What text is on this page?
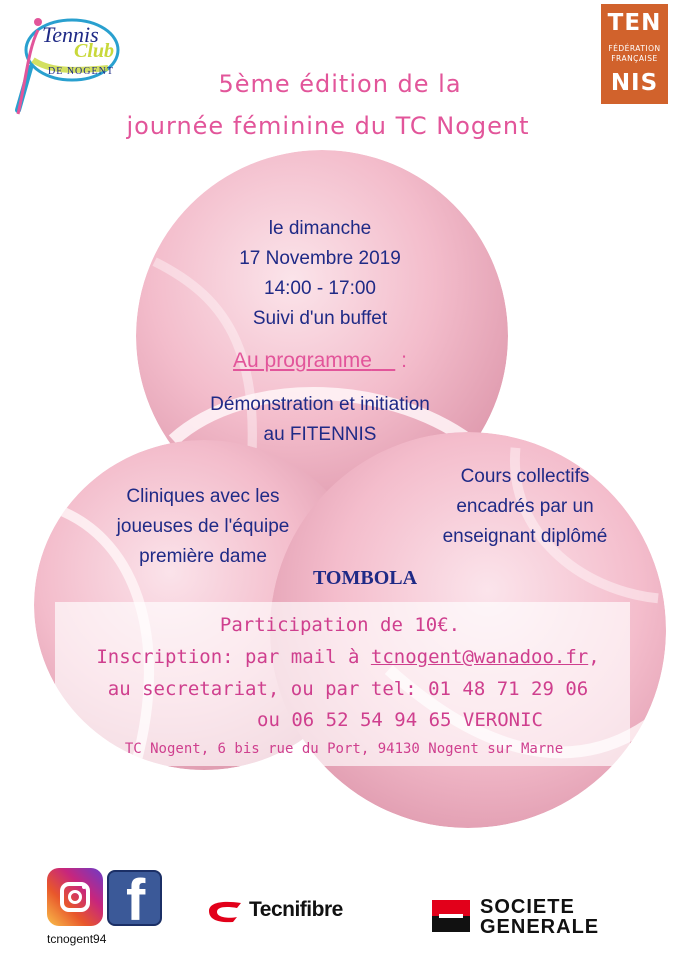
Tennis
Club
DE NOGENT
TEN
FÉDÉRATION
FRANÇAISE
NIS
5ème édition de la
journée féminine du TC Nogent
le dimanche
17 Novembre 2019
14:00 - 17:00
Suivi d'un buffet
Au programme :
Démonstration et initiation
au FITENNIS
Cliniques avec les
joueuses de l'équipe
première dame
Cours collectifs
encadrés par un
enseignant diplômé
TOMBOLA
Participation de 10€.
Inscription: par mail à tcnogent@wanadoo.fr,
au secretariat, ou par tel: 01 48 71 29 06
ou 06 52 54 94 65 VERONIC
TC Nogent, 6 bis rue du Port, 94130 Nogent sur Marne
f
tcnogent94
Tecnifibre	SOCIETE
GENERALE
